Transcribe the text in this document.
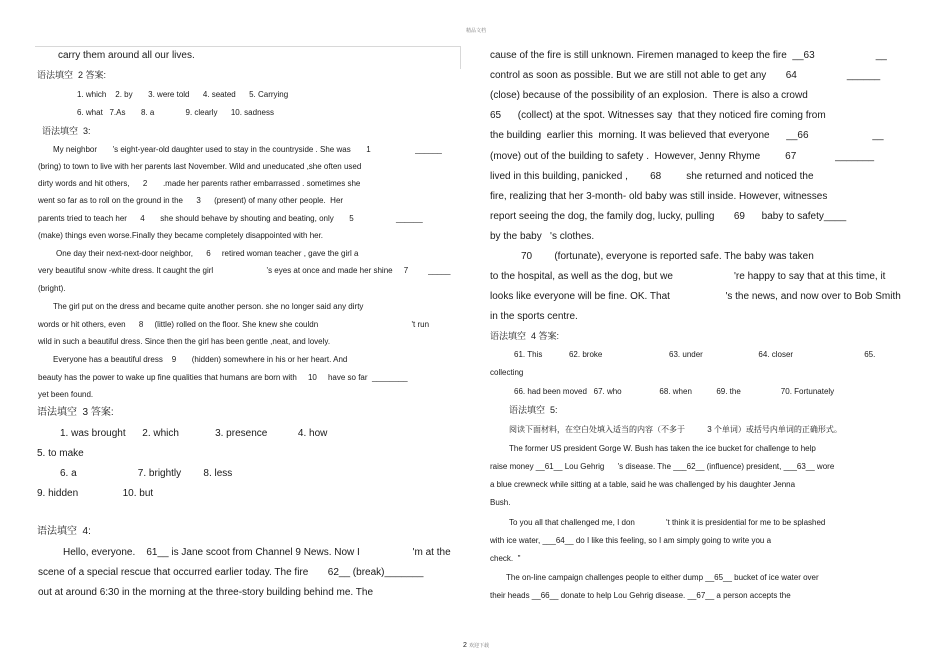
精品文档
carry them around all our lives.
语法填空  2 答案:
1. which    2. by       3. were told      4. seated      5. Carrying
6. what   7.As       8. a              9. clearly      10. sadness
语法填空  3:
My neighbor       's eight-year-old daughter used to stay in the countryside . She was       1                    ______
(bring) to town to live with her parents last November. Wild and uneducated ,she often used
dirty words and hit others,      2       .made her parents rather embarrassed . sometimes she
went so far as to roll on the ground in the      3      (present) of many other people.  Her
parents tried to teach her      4       she should behave by shouting and beating, only       5                   ______
(make) things even worse.Finally they became completely disappointed with her.
One day their next-next-door neighbor,      6     retired woman teacher , gave the girl a
very beautiful snow -white dress. It caught the girl                        's eyes at once and made her shine     7         _____
(bright).
The girl put on the dress and became quite another person. she no longer said any dirty
words or hit others, even      8     (little) rolled on the floor. She knew she couldn                                          't run
wild in such a beautiful dress. Since then the girl has been gentle ,neat, and lovely.
Everyone has a beautiful dress    9       (hidden) somewhere in his or her heart. And
beauty has the power to wake up fine qualities that humans are born with     10     have so far  ________
yet been found.
语法填空  3 答案:
1. was brought      2. which             3. presence           4. how
5. to make
6. a                      7. brightly        8. less
9. hidden                10. but
语法填空  4:
Hello, everyone.    61__ is Jane scoot from Channel 9 News. Now I                   'm at the
scene of a special rescue that occurred earlier today. The fire       62__ (break)_______
out at around 6:30 in the morning at the three-story building behind me. The
cause of the fire is still unknown. Firemen managed to keep the fire  __63                      __
control as soon as possible. But we are still not able to get any       64                  ______
(close) because of the possibility of an explosion.  There is also a crowd
65      (collect) at the spot. Witnesses say  that they noticed fire coming from
the building  earlier this  morning. It was believed that everyone      __66                       __
(move) out of the building to safety .  However, Jenny Rhyme         67              _______
lived in this building, panicked ,        68         she returned and noticed the
fire, realizing that her 3-month- old baby was still inside. However, witnesses
report seeing the dog, the family dog, lucky, pulling       69      baby to safety____
by the baby   's clothes.
70        (fortunate), everyone is reported safe. The baby was taken
to the hospital, as well as the dog, but we                      're happy to say that at this time, it
looks like everyone will be fine. OK. That                    's the news, and now over to Bob Smith
in the sports centre.
语法填空  4 答案:
61. This            62. broke                              63. under                         64. closer                                65.
collecting
66. had been moved   67. who                 68. when           69. the                  70. Fortunately
语法填空  5:
阅读下面材料，在空白处填入适当的内容（不多于          3 个单词）或括号内单词的正确形式。
The former US president Gorge W. Bush has taken the ice bucket for challenge to help
raise money __61__ Lou Gehrig      's disease. The ___62__ (influence) president, ___63__ wore
a blue crewneck while sitting at a table, said he was challenged by his daughter Jenna
Bush.
To you all that challenged me, I don              't think it is presidential for me to be splashed
with ice water, ___64__ do I like this feeling, so I am simply going to write you a
check.  "
The on-line campaign challenges people to either dump __65__ bucket of ice water over
their heads __66__ donate to help Lou Gehrig disease. __67__ a person accepts the
2 欢迎下载
